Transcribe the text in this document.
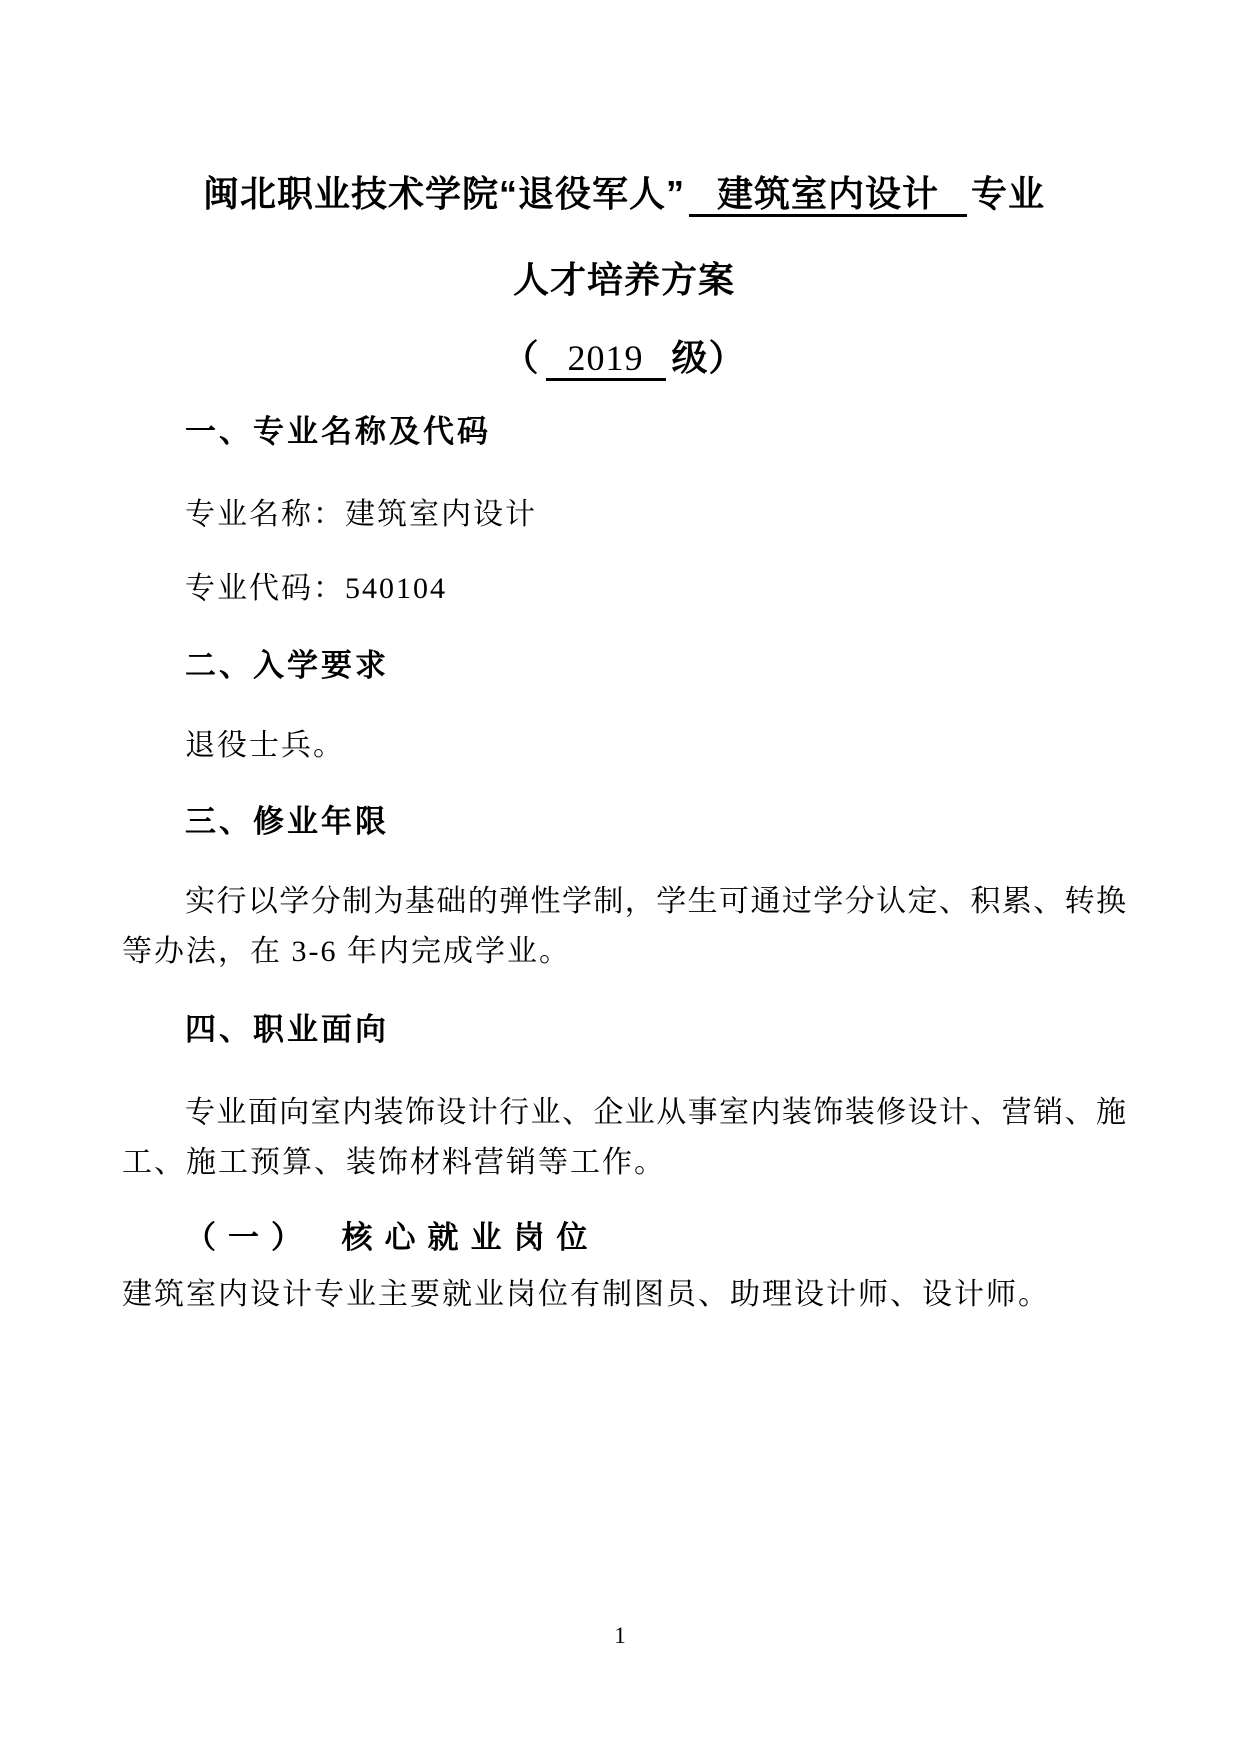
闽北职业技术学院“退役军人” 建筑室内设计 专业
人才培养方案
（ 2019 级）
一、专业名称及代码
专业名称：建筑室内设计
专业代码：540104
二、入学要求
退役士兵。
三、修业年限
实行以学分制为基础的弹性学制，学生可通过学分认定、积累、转换
等办法，在 3-6 年内完成学业。
四、职业面向
专业面向室内装饰设计行业、企业从事室内装饰装修设计、营销、施
工、施工预算、装饰材料营销等工作。
（一）　核心就业岗位
建筑室内设计专业主要就业岗位有制图员、助理设计师、设计师。
1
